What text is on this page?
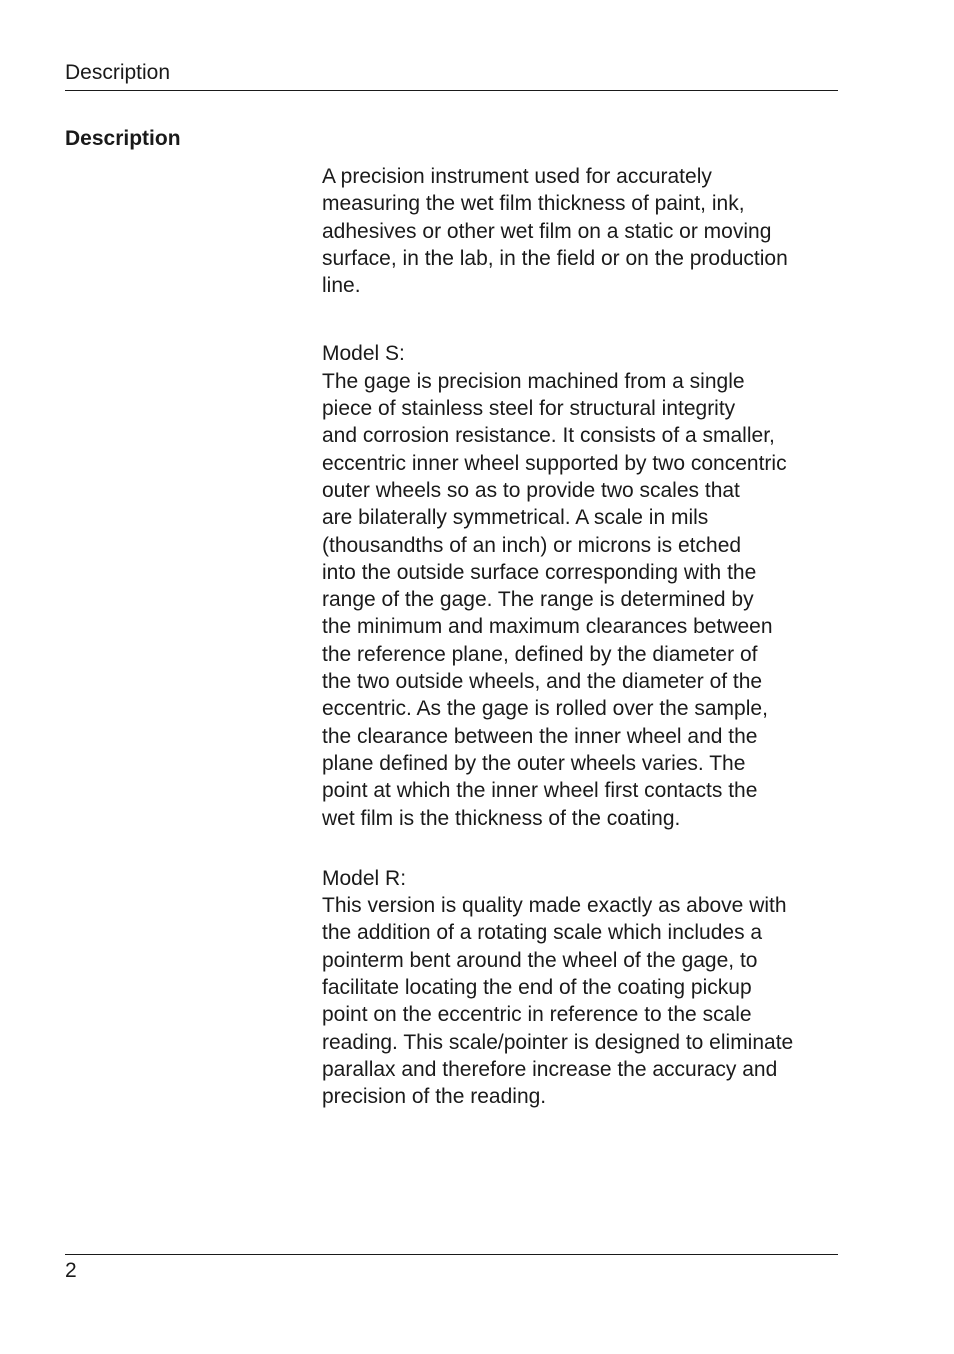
Description
Description

A precision instrument used for accurately
measuring the wet film thickness of paint, ink,
adhesives or other wet film on a static or moving
surface, in the lab, in the field or on the production
line.

Model S:
The gage is precision machined from a single
piece of stainless steel for structural integrity
and corrosion resistance. It consists of a smaller,
eccentric inner wheel supported by two concentric
outer wheels so as to provide two scales that
are bilaterally symmetrical. A scale in mils
(thousandths of an inch) or microns is etched
into the outside surface corresponding with the
range of the gage. The range is determined by
the minimum and maximum clearances between
the reference plane, defined by the diameter of
the two outside wheels, and the diameter of the
eccentric. As the gage is rolled over the sample,
the clearance between the inner wheel and the
plane defined by the outer wheels varies. The
point at which the inner wheel first contacts the
wet film is the thickness of the coating.

Model R:
This version is quality made exactly as above with
the addition of a rotating scale which includes a
pointerm bent around the wheel of the gage, to
facilitate locating the end of the coating pickup
point on the eccentric in reference to the scale
reading. This scale/pointer is designed to eliminate
parallax and therefore increase the accuracy and
precision of the reading.

2
